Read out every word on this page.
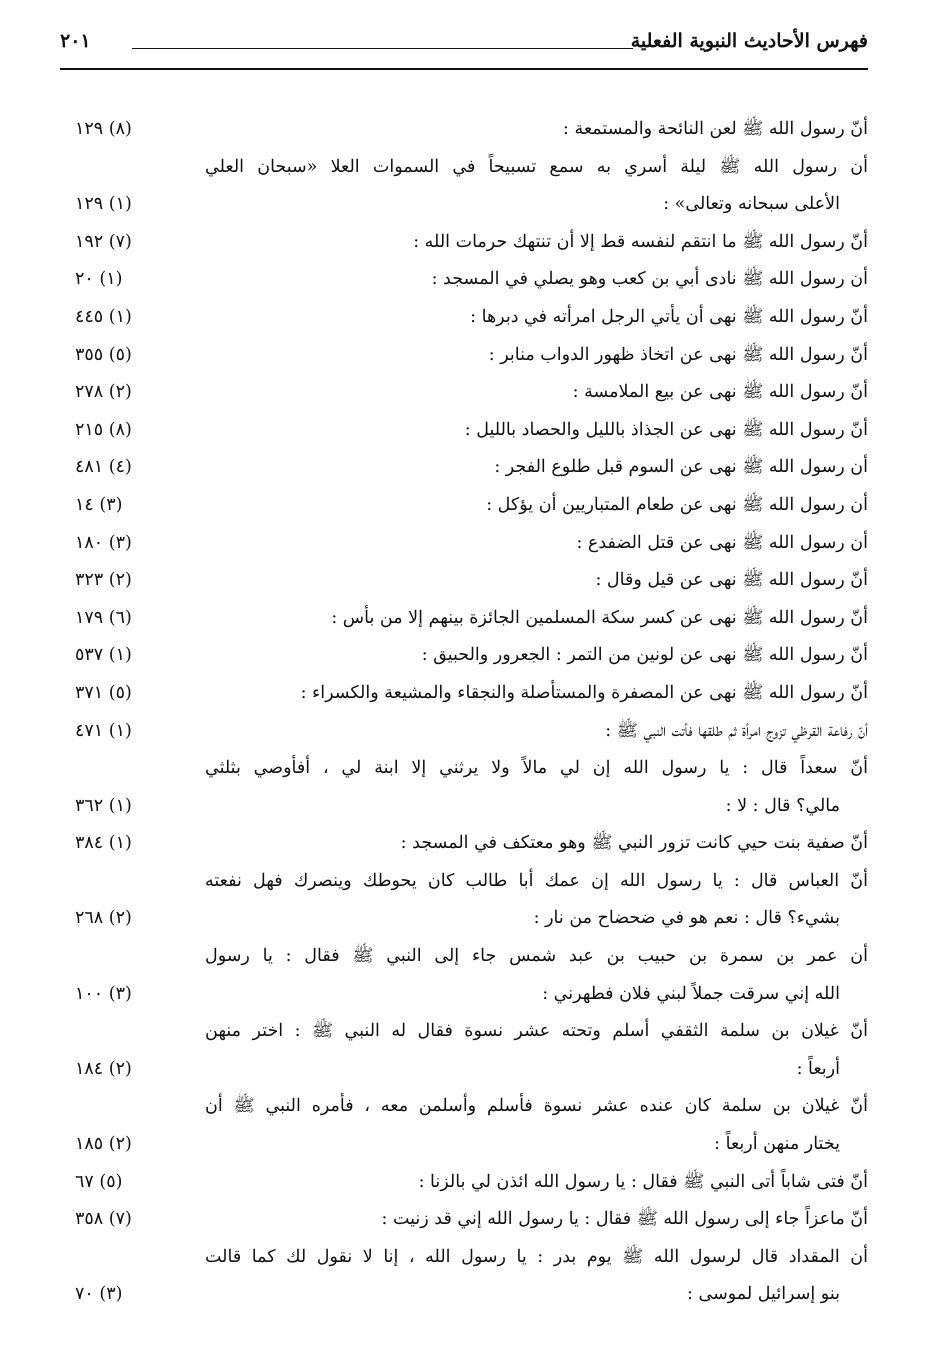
فهرس الأحاديث النبوية الفعلية
٢٠١
أنّ رسول الله ﷺ لعن النائحة والمستمعة :
(٨) ١٢٩
أن رسول الله ﷺ ليلة أسري به سمع تسبيحاً في السموات العلا «سبحان العلي
الأعلى سبحانه وتعالى» :
(١) ١٢٩
أنّ رسول الله ﷺ ما انتقم لنفسه قط إلا أن تنتهك حرمات الله :
(٧) ١٩٢
أن رسول الله ﷺ نادى أبي بن كعب وهو يصلي في المسجد :
(١) ٢٠
أنّ رسول الله ﷺ نهى أن يأتي الرجل امرأته في دبرها :
(١) ٤٤٥
أنّ رسول الله ﷺ نهى عن اتخاذ ظهور الدواب منابر :
(٥) ٣٥٥
أنّ رسول الله ﷺ نهى عن بيع الملامسة :
(٢) ٢٧٨
أنّ رسول الله ﷺ نهى عن الجذاذ بالليل والحصاد بالليل :
(٨) ٢١٥
أن رسول الله ﷺ نهى عن السوم قبل طلوع الفجر :
(٤) ٤٨١
أن رسول الله ﷺ نهى عن طعام المتباريين أن يؤكل :
(٣) ١٤
أن رسول الله ﷺ نهى عن قتل الضفدع :
(٣) ١٨٠
أنّ رسول الله ﷺ نهى عن قيل وقال :
(٢) ٣٢٣
أنّ رسول الله ﷺ نهى عن كسر سكة المسلمين الجائزة بينهم إلا من بأس :
(٦) ١٧٩
أنّ رسول الله ﷺ نهى عن لونين من التمر : الجعرور والحبيق :
(١) ٥٣٧
أنّ رسول الله ﷺ نهى عن المصفرة والمستأصلة والنجقاء والمشيعة والكسراء :
(٥) ٣٧١
أنّ رفاعة القرظي تزوج امرأة ثم طلقها فأتت النبي ﷺ :
(١) ٤٧١
أنّ سعداً قال : يا رسول الله إن لي مالاً ولا يرثني إلا ابنة لي ، أفأوصي بثلثي
مالي؟ قال : لا :
(١) ٣٦٢
أنّ صفية بنت حيي كانت تزور النبي ﷺ وهو معتكف في المسجد :
(١) ٣٨٤
أنّ العباس قال : يا رسول الله إن عمك أبا طالب كان يحوطك وينصرك فهل نفعته
بشيء؟ قال : نعم هو في ضحضاح من نار :
(٢) ٢٦٨
أن عمر بن سمرة بن حبيب بن عبد شمس جاء إلى النبي ﷺ فقال : يا رسول
الله إني سرقت جملاً لبني فلان فطهرني :
(٣) ١٠٠
أنّ غيلان بن سلمة الثقفي أسلم وتحته عشر نسوة فقال له النبي ﷺ : اختر منهن
أربعاً :
(٢) ١٨٤
أنّ غيلان بن سلمة كان عنده عشر نسوة فأسلم وأسلمن معه ، فأمره النبي ﷺ أن
يختار منهن أربعاً :
(٢) ١٨٥
أنّ فتى شاباً أتى النبي ﷺ فقال : يا رسول الله ائذن لي بالزنا :
(٥) ٦٧
أنّ ماعزاً جاء إلى رسول الله ﷺ فقال : يا رسول الله إني قد زنيت :
(٧) ٣٥٨
أن المقداد قال لرسول الله ﷺ يوم بدر : يا رسول الله ، إنا لا نقول لك كما قالت
بنو إسرائيل لموسى :
(٣) ٧٠
